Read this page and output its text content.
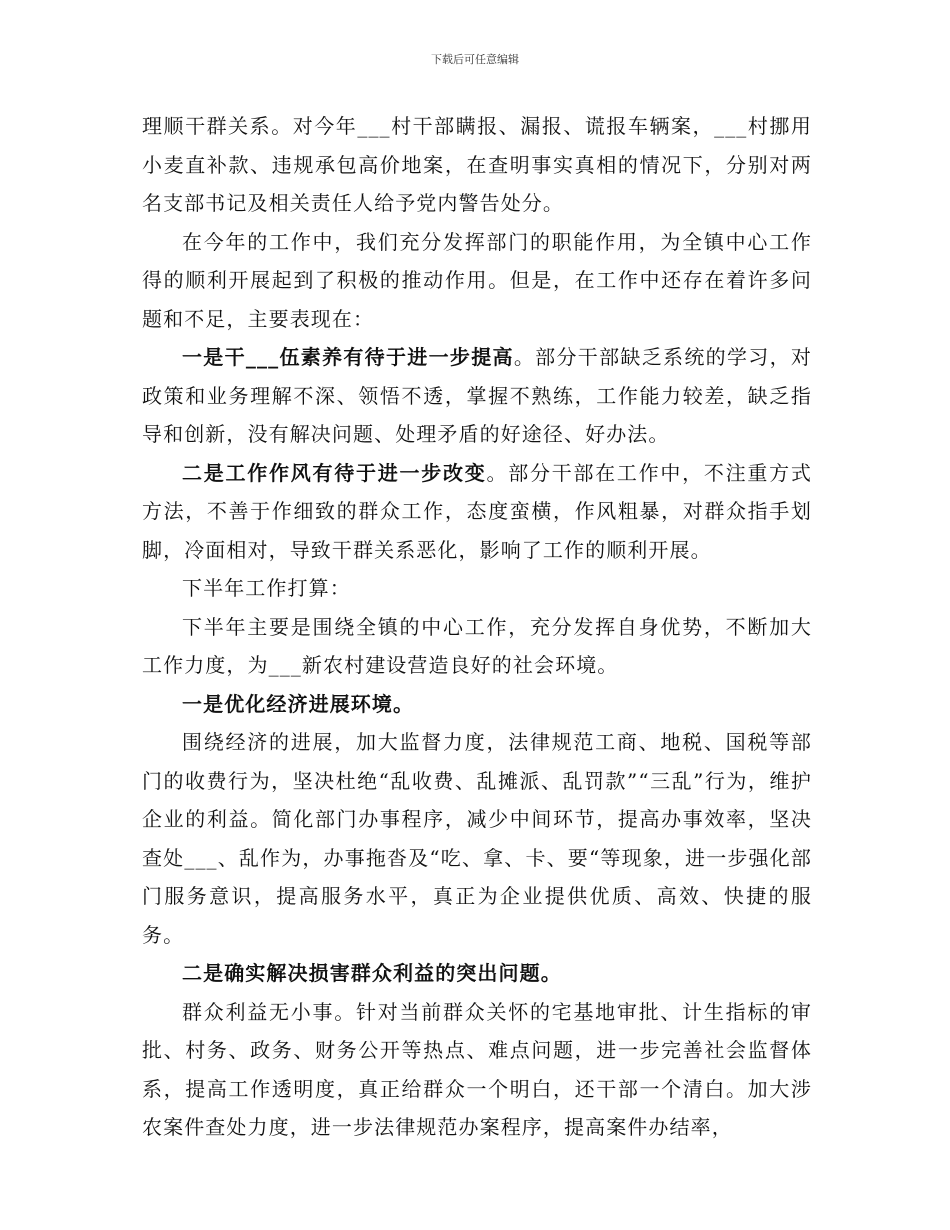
下载后可任意编辑

理顺干群关系。对今年___村干部瞒报、漏报、谎报车辆案，___村挪用小麦直补款、违规承包高价地案，在查明事实真相的情况下，分别对两名支部书记及相关责任人给予党内警告处分。

在今年的工作中，我们充分发挥部门的职能作用，为全镇中心工作得的顺利开展起到了积极的推动作用。但是，在工作中还存在着许多问题和不足，主要表现在：

一是干___伍素养有待于进一步提高。部分干部缺乏系统的学习，对政策和业务理解不深、领悟不透，掌握不熟练，工作能力较差，缺乏指导和创新，没有解决问题、处理矛盾的好途径、好办法。

二是工作作风有待于进一步改变。部分干部在工作中，不注重方式方法，不善于作细致的群众工作，态度蛮横，作风粗暴，对群众指手划脚，冷面相对，导致干群关系恶化，影响了工作的顺利开展。

下半年工作打算：

下半年主要是围绕全镇的中心工作，充分发挥自身优势，不断加大工作力度，为___新农村建设营造良好的社会环境。

一是优化经济进展环境。

围绕经济的进展，加大监督力度，法律规范工商、地税、国税等部门的收费行为，坚决杜绝“乱收费、乱摊派、乱罚款”“三乱”行为，维护企业的利益。简化部门办事程序，减少中间环节，提高办事效率，坚决查处___、乱作为，办事拖沓及“吃、拿、卡、要“等现象，进一步强化部门服务意识，提高服务水平，真正为企业提供优质、高效、快捷的服务。

二是确实解决损害群众利益的突出问题。

群众利益无小事。针对当前群众关怀的宅基地审批、计生指标的审批、村务、政务、财务公开等热点、难点问题，进一步完善社会监督体系，提高工作透明度，真正给群众一个明白，还干部一个清白。加大涉农案件查处力度，进一步法律规范办案程序，提高案件办结率，
